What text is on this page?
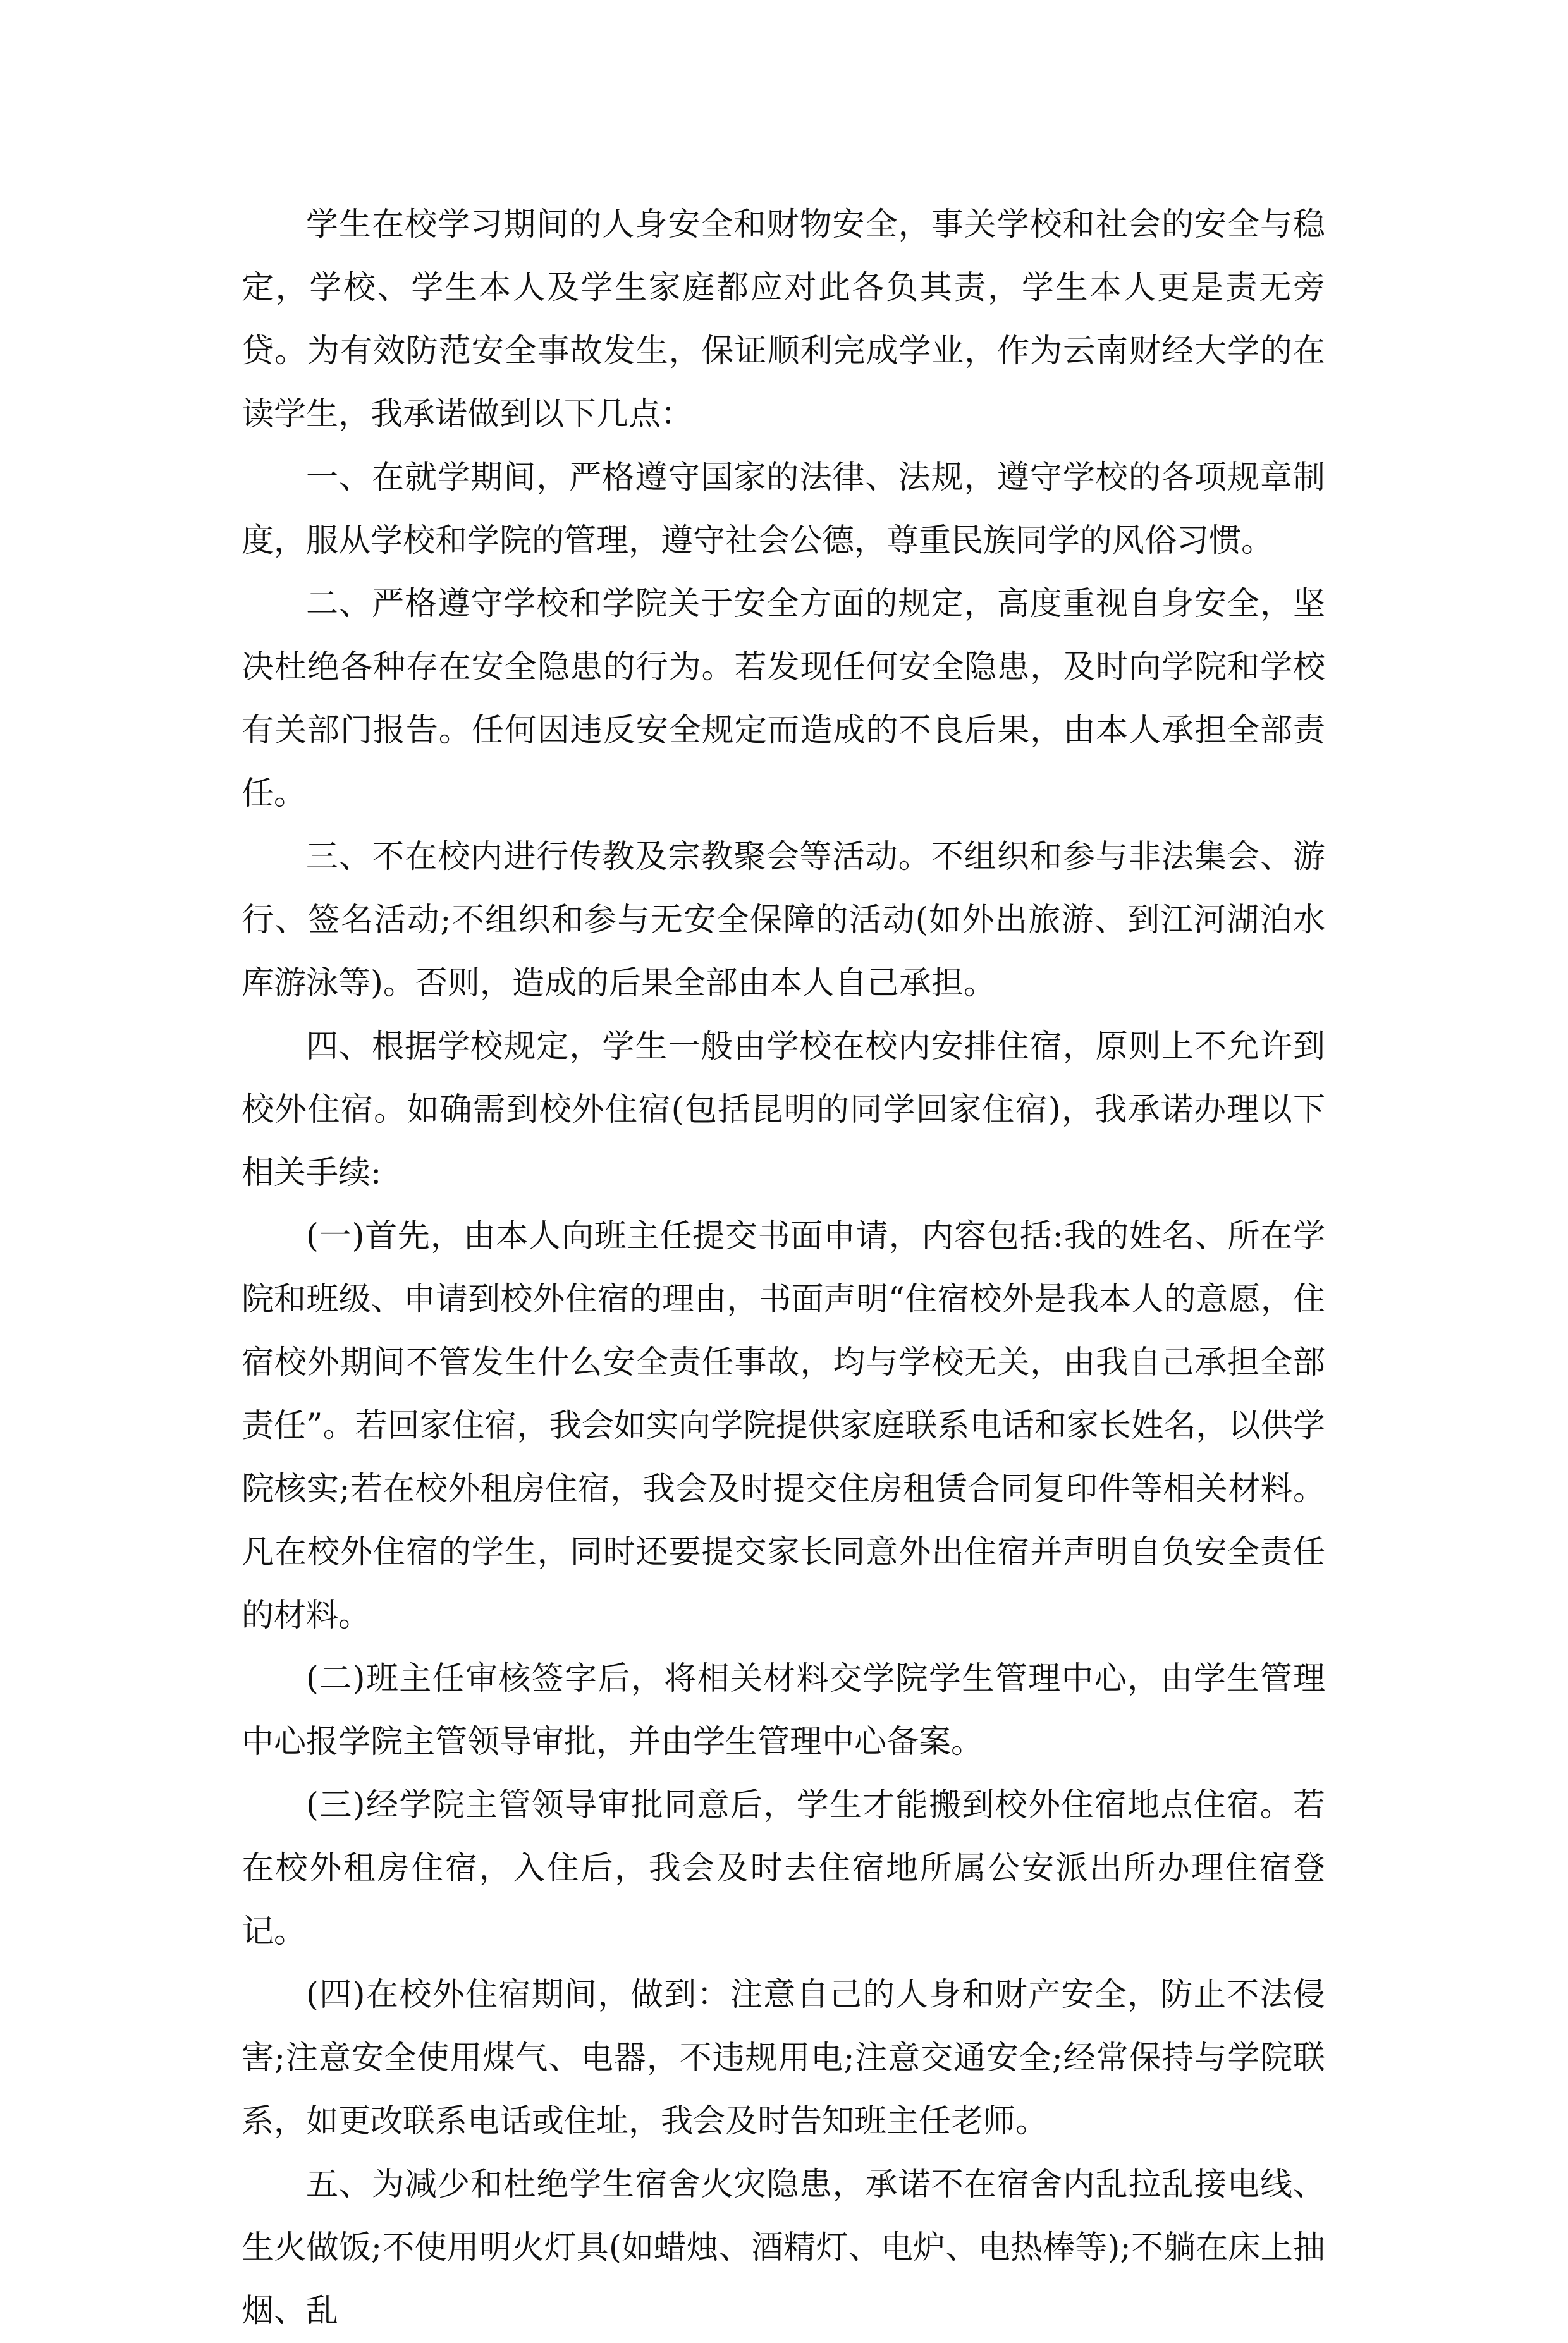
学生在校学习期间的人身安全和财物安全，事关学校和社会的安全与稳定，学校、学生本人及学生家庭都应对此各负其责，学生本人更是责无旁贷。为有效防范安全事故发生，保证顺利完成学业，作为云南财经大学的在读学生，我承诺做到以下几点：

一、在就学期间，严格遵守国家的法律、法规，遵守学校的各项规章制度，服从学校和学院的管理，遵守社会公德，尊重民族同学的风俗习惯。

二、严格遵守学校和学院关于安全方面的规定，高度重视自身安全，坚决杜绝各种存在安全隐患的行为。若发现任何安全隐患，及时向学院和学校有关部门报告。任何因违反安全规定而造成的不良后果，由本人承担全部责任。

三、不在校内进行传教及宗教聚会等活动。不组织和参与非法集会、游行、签名活动;不组织和参与无安全保障的活动(如外出旅游、到江河湖泊水库游泳等)。否则，造成的后果全部由本人自己承担。

四、根据学校规定，学生一般由学校在校内安排住宿，原则上不允许到校外住宿。如确需到校外住宿(包括昆明的同学回家住宿)，我承诺办理以下相关手续:

(一)首先，由本人向班主任提交书面申请，内容包括:我的姓名、所在学院和班级、申请到校外住宿的理由，书面声明“住宿校外是我本人的意愿，住宿校外期间不管发生什么安全责任事故，均与学校无关，由我自己承担全部责任”。若回家住宿，我会如实向学院提供家庭联系电话和家长姓名，以供学院核实;若在校外租房住宿，我会及时提交住房租赁合同复印件等相关材料。凡在校外住宿的学生，同时还要提交家长同意外出住宿并声明自负安全责任的材料。

(二)班主任审核签字后，将相关材料交学院学生管理中心，由学生管理中心报学院主管领导审批，并由学生管理中心备案。

(三)经学院主管领导审批同意后，学生才能搬到校外住宿地点住宿。若在校外租房住宿，入住后，我会及时去住宿地所属公安派出所办理住宿登记。

(四)在校外住宿期间，做到：注意自己的人身和财产安全，防止不法侵害;注意安全使用煤气、电器，不违规用电;注意交通安全;经常保持与学院联系，如更改联系电话或住址，我会及时告知班主任老师。

五、为减少和杜绝学生宿舍火灾隐患，承诺不在宿舍内乱拉乱接电线、生火做饭;不使用明火灯具(如蜡烛、酒精灯、电炉、电热棒等);不躺在床上抽烟、乱
